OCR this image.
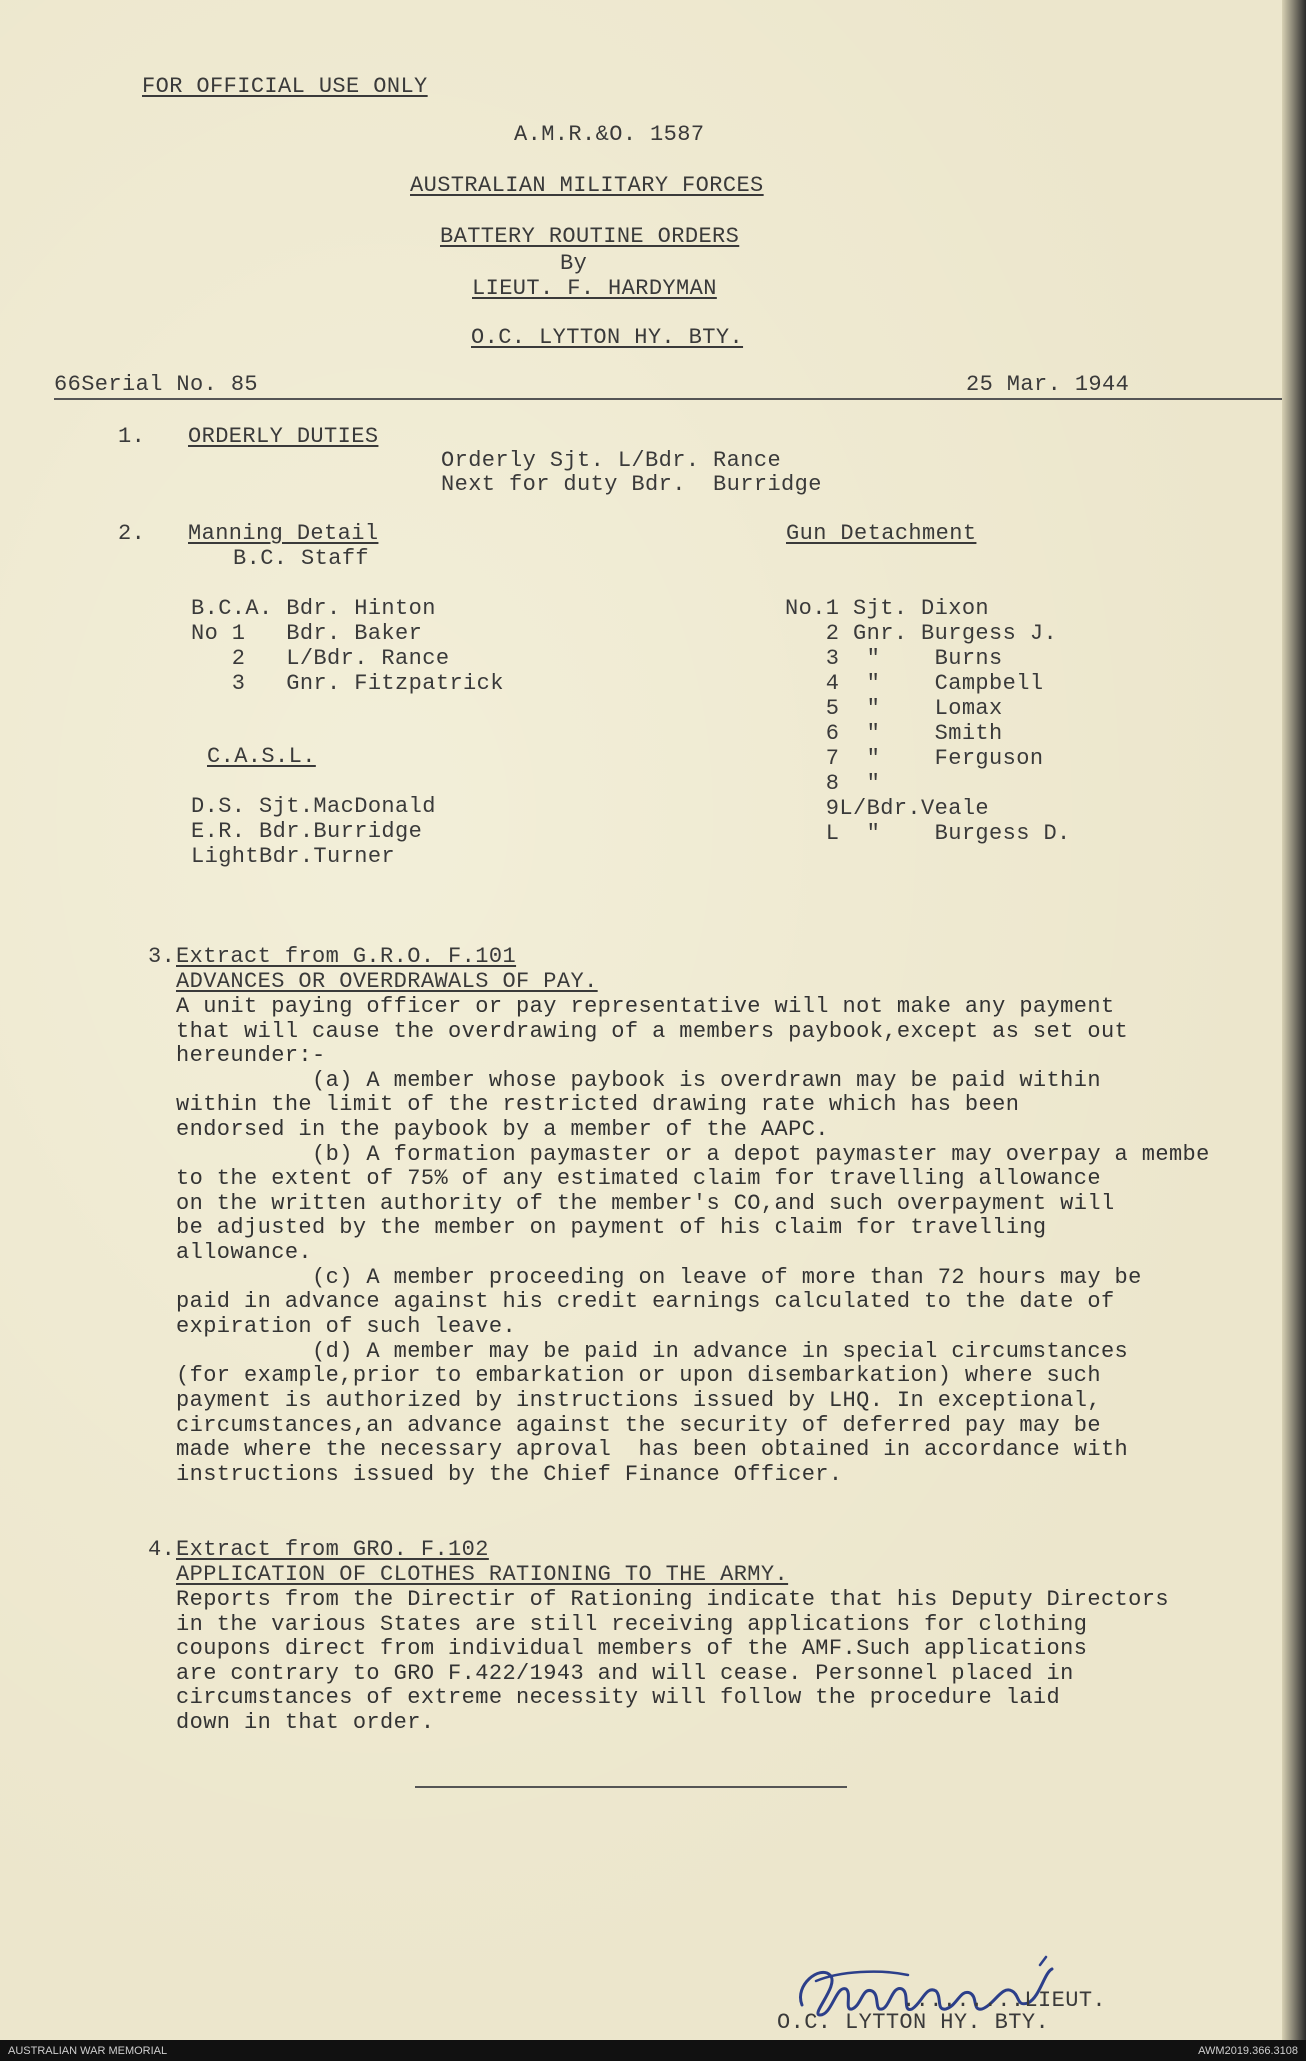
FOR OFFICIAL USE ONLY
A.M.R.&O. 1587
AUSTRALIAN MILITARY FORCES
BATTERY ROUTINE ORDERS
By
LIEUT. F. HARDYMAN
O.C. LYTTON HY. BTY.
66Serial No. 85	25 Mar. 1944
1. ORDERLY DUTIES
Orderly Sjt. L/Bdr. Rance
Next for duty Bdr.  Burridge
2. Manning Detail
B.C. Staff
Gun Detachment
B.C.A. Bdr. Hinton
No 1   Bdr. Baker
2   L/Bdr. Rance
3   Gnr. Fitzpatrick
C.A.S.L.
D.S. Sjt.MacDonald
E.R. Bdr.Burridge
LightBdr.Turner
No.1 Sjt. Dixon
2 Gnr. Burgess J.
3  "    Burns
4  "    Campbell
5  "    Lomax
6  "    Smith
7  "    Ferguson
8  "
9L/Bdr.Veale
L  "    Burgess D.
3. Extract from G.R.O. F.101
ADVANCES OR OVERDRAWALS OF PAY.
A unit paying officer or pay representative will not make any payment
that will cause the overdrawing of a members paybook,except as set out
hereunder:-
(a) A member whose paybook is overdrawn may be paid within
within the limit of the restricted drawing rate which has been
endorsed in the paybook by a member of the AAPC.
(b) A formation paymaster or a depot paymaster may overpay a membe
to the extent of 75% of any estimated claim for travelling allowance
on the written authority of the member's CO,and such overpayment will
be adjusted by the member on payment of his claim for travelling
allowance.
(c) A member proceeding on leave of more than 72 hours may be
paid in advance against his credit earnings calculated to the date of
expiration of such leave.
(d) A member may be paid in advance in special circumstances
(for example,prior to embarkation or upon disembarkation) where such
payment is authorized by instructions issued by LHQ. In exceptional,
circumstances,an advance against the security of deferred pay may be
made where the necessary aproval  has been obtained in accordance with
instructions issued by the Chief Finance Officer.
4. Extract from GRO. F.102
APPLICATION OF CLOTHES RATIONING TO THE ARMY.
Reports from the Directir of Rationing indicate that his Deputy Directors
in the various States are still receiving applications for clothing
coupons direct from individual members of the AMF.Such applications
are contrary to GRO F.422/1943 and will cease. Personnel placed in
circumstances of extreme necessity will follow the procedure laid
down in that order.
.........LIEUT.
O.C. LYTTON HY. BTY.
AUSTRALIAN WAR MEMORIAL	AWM2019.366.3108
